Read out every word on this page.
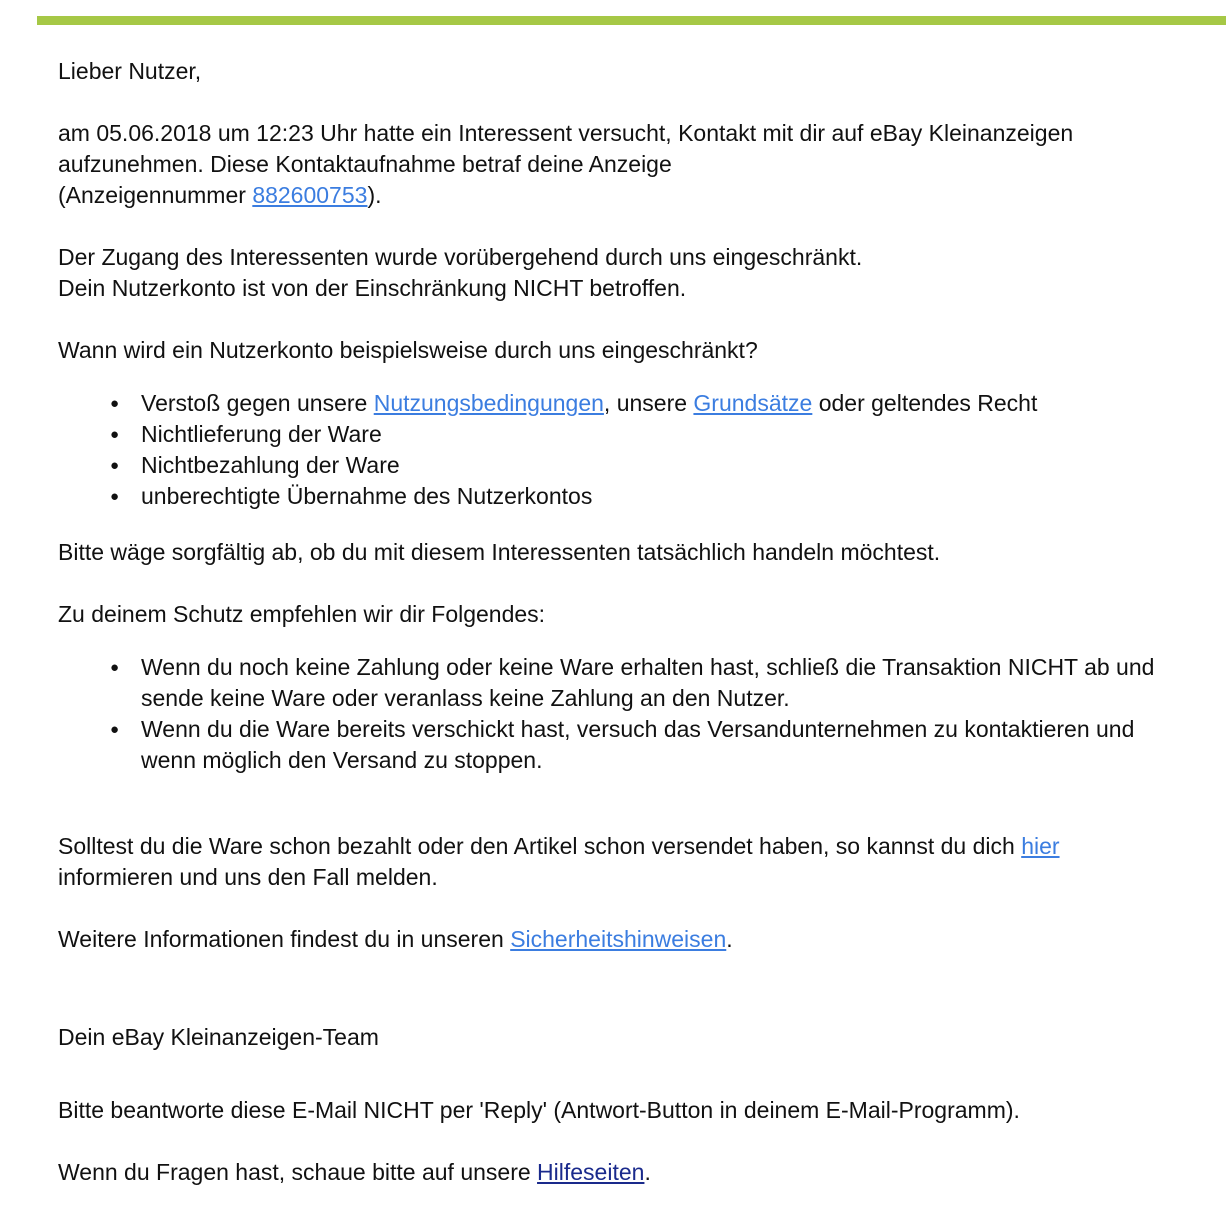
Lieber Nutzer,

am 05.06.2018 um 12:23 Uhr hatte ein Interessent versucht, Kontakt mit dir auf eBay Kleinanzeigen

aufzunehmen. Diese Kontaktaufnahme betraf deine Anzeige

(Anzeigennummer 882600753).

Der Zugang des Interessenten wurde vorübergehend durch uns eingeschränkt.

Dein Nutzerkonto ist von der Einschränkung NICHT betroffen.

Wann wird ein Nutzerkonto beispielsweise durch uns eingeschränkt?

● Verstoß gegen unsere Nutzungsbedingungen, unsere Grundsätze oder geltendes Recht
● Nichtlieferung der Ware
● Nichtbezahlung der Ware
● unberechtigte Übernahme des Nutzerkontos

Bitte wäge sorgfältig ab, ob du mit diesem Interessenten tatsächlich handeln möchtest.

Zu deinem Schutz empfehlen wir dir Folgendes:

● Wenn du noch keine Zahlung oder keine Ware erhalten hast, schließ die Transaktion NICHT ab und
sende keine Ware oder veranlass keine Zahlung an den Nutzer.
● Wenn du die Ware bereits verschickt hast, versuch das Versandunternehmen zu kontaktieren und
wenn möglich den Versand zu stoppen.

Solltest du die Ware schon bezahlt oder den Artikel schon versendet haben, so kannst du dich hier

informieren und uns den Fall melden.

Weitere Informationen findest du in unseren Sicherheitshinweisen.

Dein eBay Kleinanzeigen-Team

Bitte beantworte diese E-Mail NICHT per 'Reply' (Antwort-Button in deinem E-Mail-Programm).

Wenn du Fragen hast, schaue bitte auf unsere Hilfeseiten.
